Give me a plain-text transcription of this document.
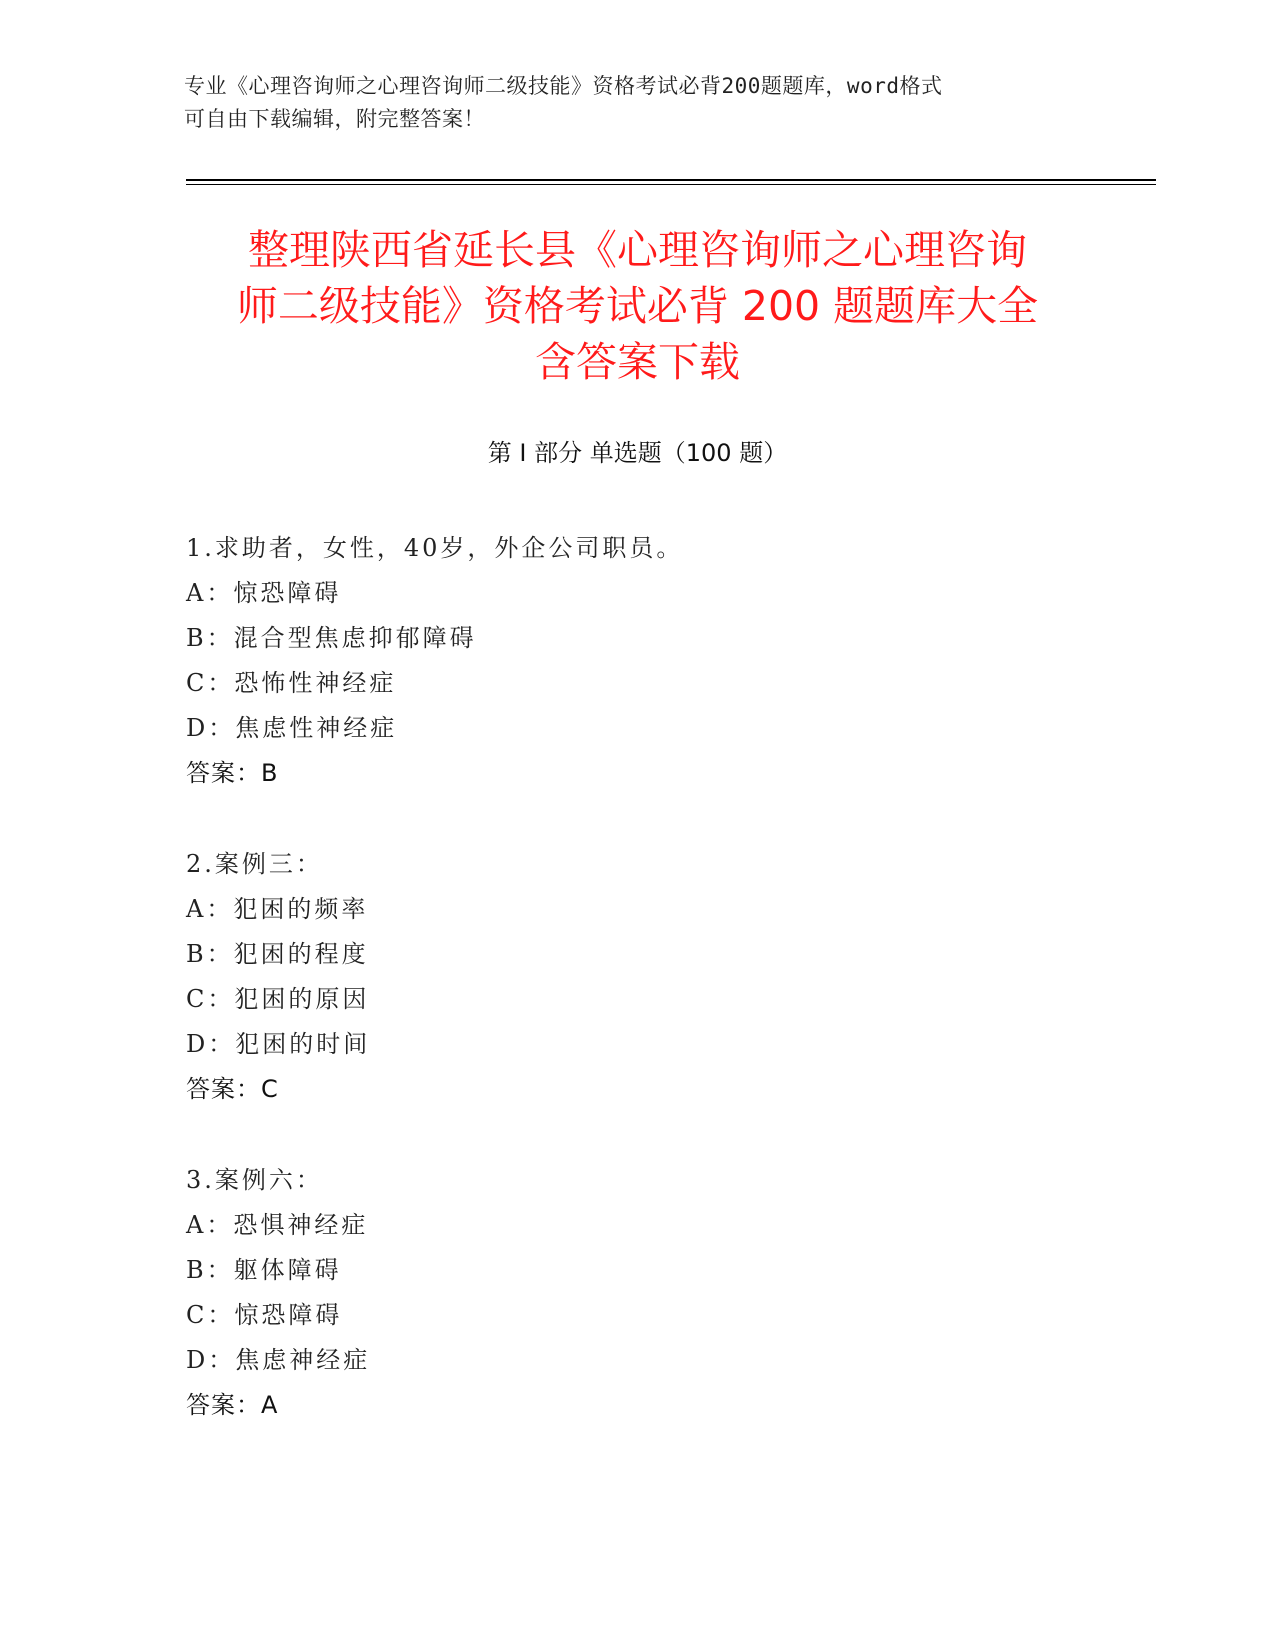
专业《心理咨询师之心理咨询师二级技能》资格考试必背200题题库，word格式
可自由下载编辑，附完整答案！
整理陕西省延长县《心理咨询师之心理咨询
师二级技能》资格考试必背 200 题题库大全
含答案下载
第 I 部分 单选题（100 题）
1.求助者，女性，40岁，外企公司职员。
A：惊恐障碍
B：混合型焦虑抑郁障碍
C：恐怖性神经症
D：焦虑性神经症
答案：B
2.案例三：
A：犯困的频率
B：犯困的程度
C：犯困的原因
D：犯困的时间
答案：C
3.案例六：
A：恐惧神经症
B：躯体障碍
C：惊恐障碍
D：焦虑神经症
答案：A
